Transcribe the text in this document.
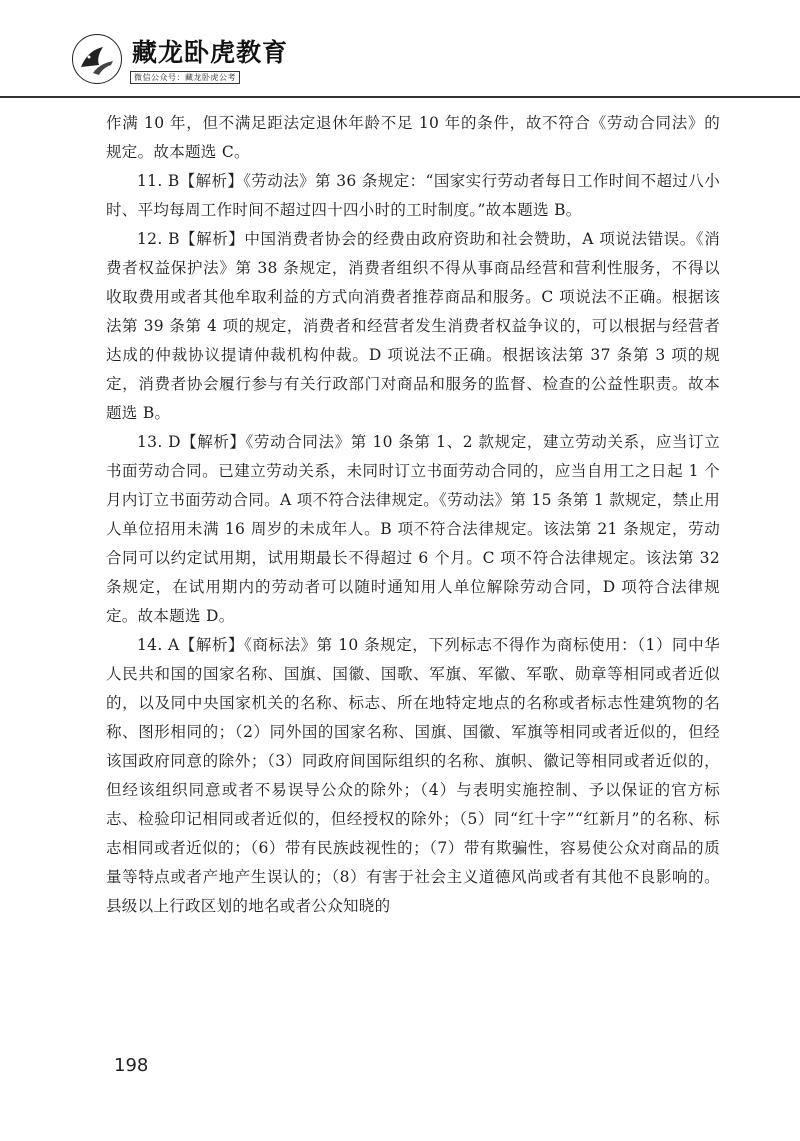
藏龙卧虎教育
微信公众号：藏龙卧虎公考

作满 10 年，但不满足距法定退休年龄不足 10 年的条件，故不符合《劳动合同法》的规定。故本题选 C。

11. B【解析】《劳动法》第 36 条规定：“国家实行劳动者每日工作时间不超过八小时、平均每周工作时间不超过四十四小时的工时制度。”故本题选 B。

12. B【解析】中国消费者协会的经费由政府资助和社会赞助，A 项说法错误。《消费者权益保护法》第 38 条规定，消费者组织不得从事商品经营和营利性服务，不得以收取费用或者其他牟取利益的方式向消费者推荐商品和服务。C 项说法不正确。根据该法第 39 条第 4 项的规定，消费者和经营者发生消费者权益争议的，可以根据与经营者达成的仲裁协议提请仲裁机构仲裁。D 项说法不正确。根据该法第 37 条第 3 项的规定，消费者协会履行参与有关行政部门对商品和服务的监督、检查的公益性职责。故本题选 B。

13. D【解析】《劳动合同法》第 10 条第 1、2 款规定，建立劳动关系，应当订立书面劳动合同。已建立劳动关系，未同时订立书面劳动合同的，应当自用工之日起 1 个月内订立书面劳动合同。A 项不符合法律规定。《劳动法》第 15 条第 1 款规定，禁止用人单位招用未满 16 周岁的未成年人。B 项不符合法律规定。该法第 21 条规定，劳动合同可以约定试用期，试用期最长不得超过 6 个月。C 项不符合法律规定。该法第 32 条规定，在试用期内的劳动者可以随时通知用人单位解除劳动合同，D 项符合法律规定。故本题选 D。

14. A【解析】《商标法》第 10 条规定，下列标志不得作为商标使用：（1）同中华人民共和国的国家名称、国旗、国徽、国歌、军旗、军徽、军歌、勋章等相同或者近似的，以及同中央国家机关的名称、标志、所在地特定地点的名称或者标志性建筑物的名称、图形相同的；（2）同外国的国家名称、国旗、国徽、军旗等相同或者近似的，但经该国政府同意的除外；（3）同政府间国际组织的名称、旗帜、徽记等相同或者近似的，但经该组织同意或者不易误导公众的除外；（4）与表明实施控制、予以保证的官方标志、检验印记相同或者近似的，但经授权的除外；（5）同“红十字”“红新月”的名称、标志相同或者近似的；（6）带有民族歧视性的；（7）带有欺骗性，容易使公众对商品的质量等特点或者产地产生误认的；（8）有害于社会主义道德风尚或者有其他不良影响的。县级以上行政区划的地名或者公众知晓的

198
